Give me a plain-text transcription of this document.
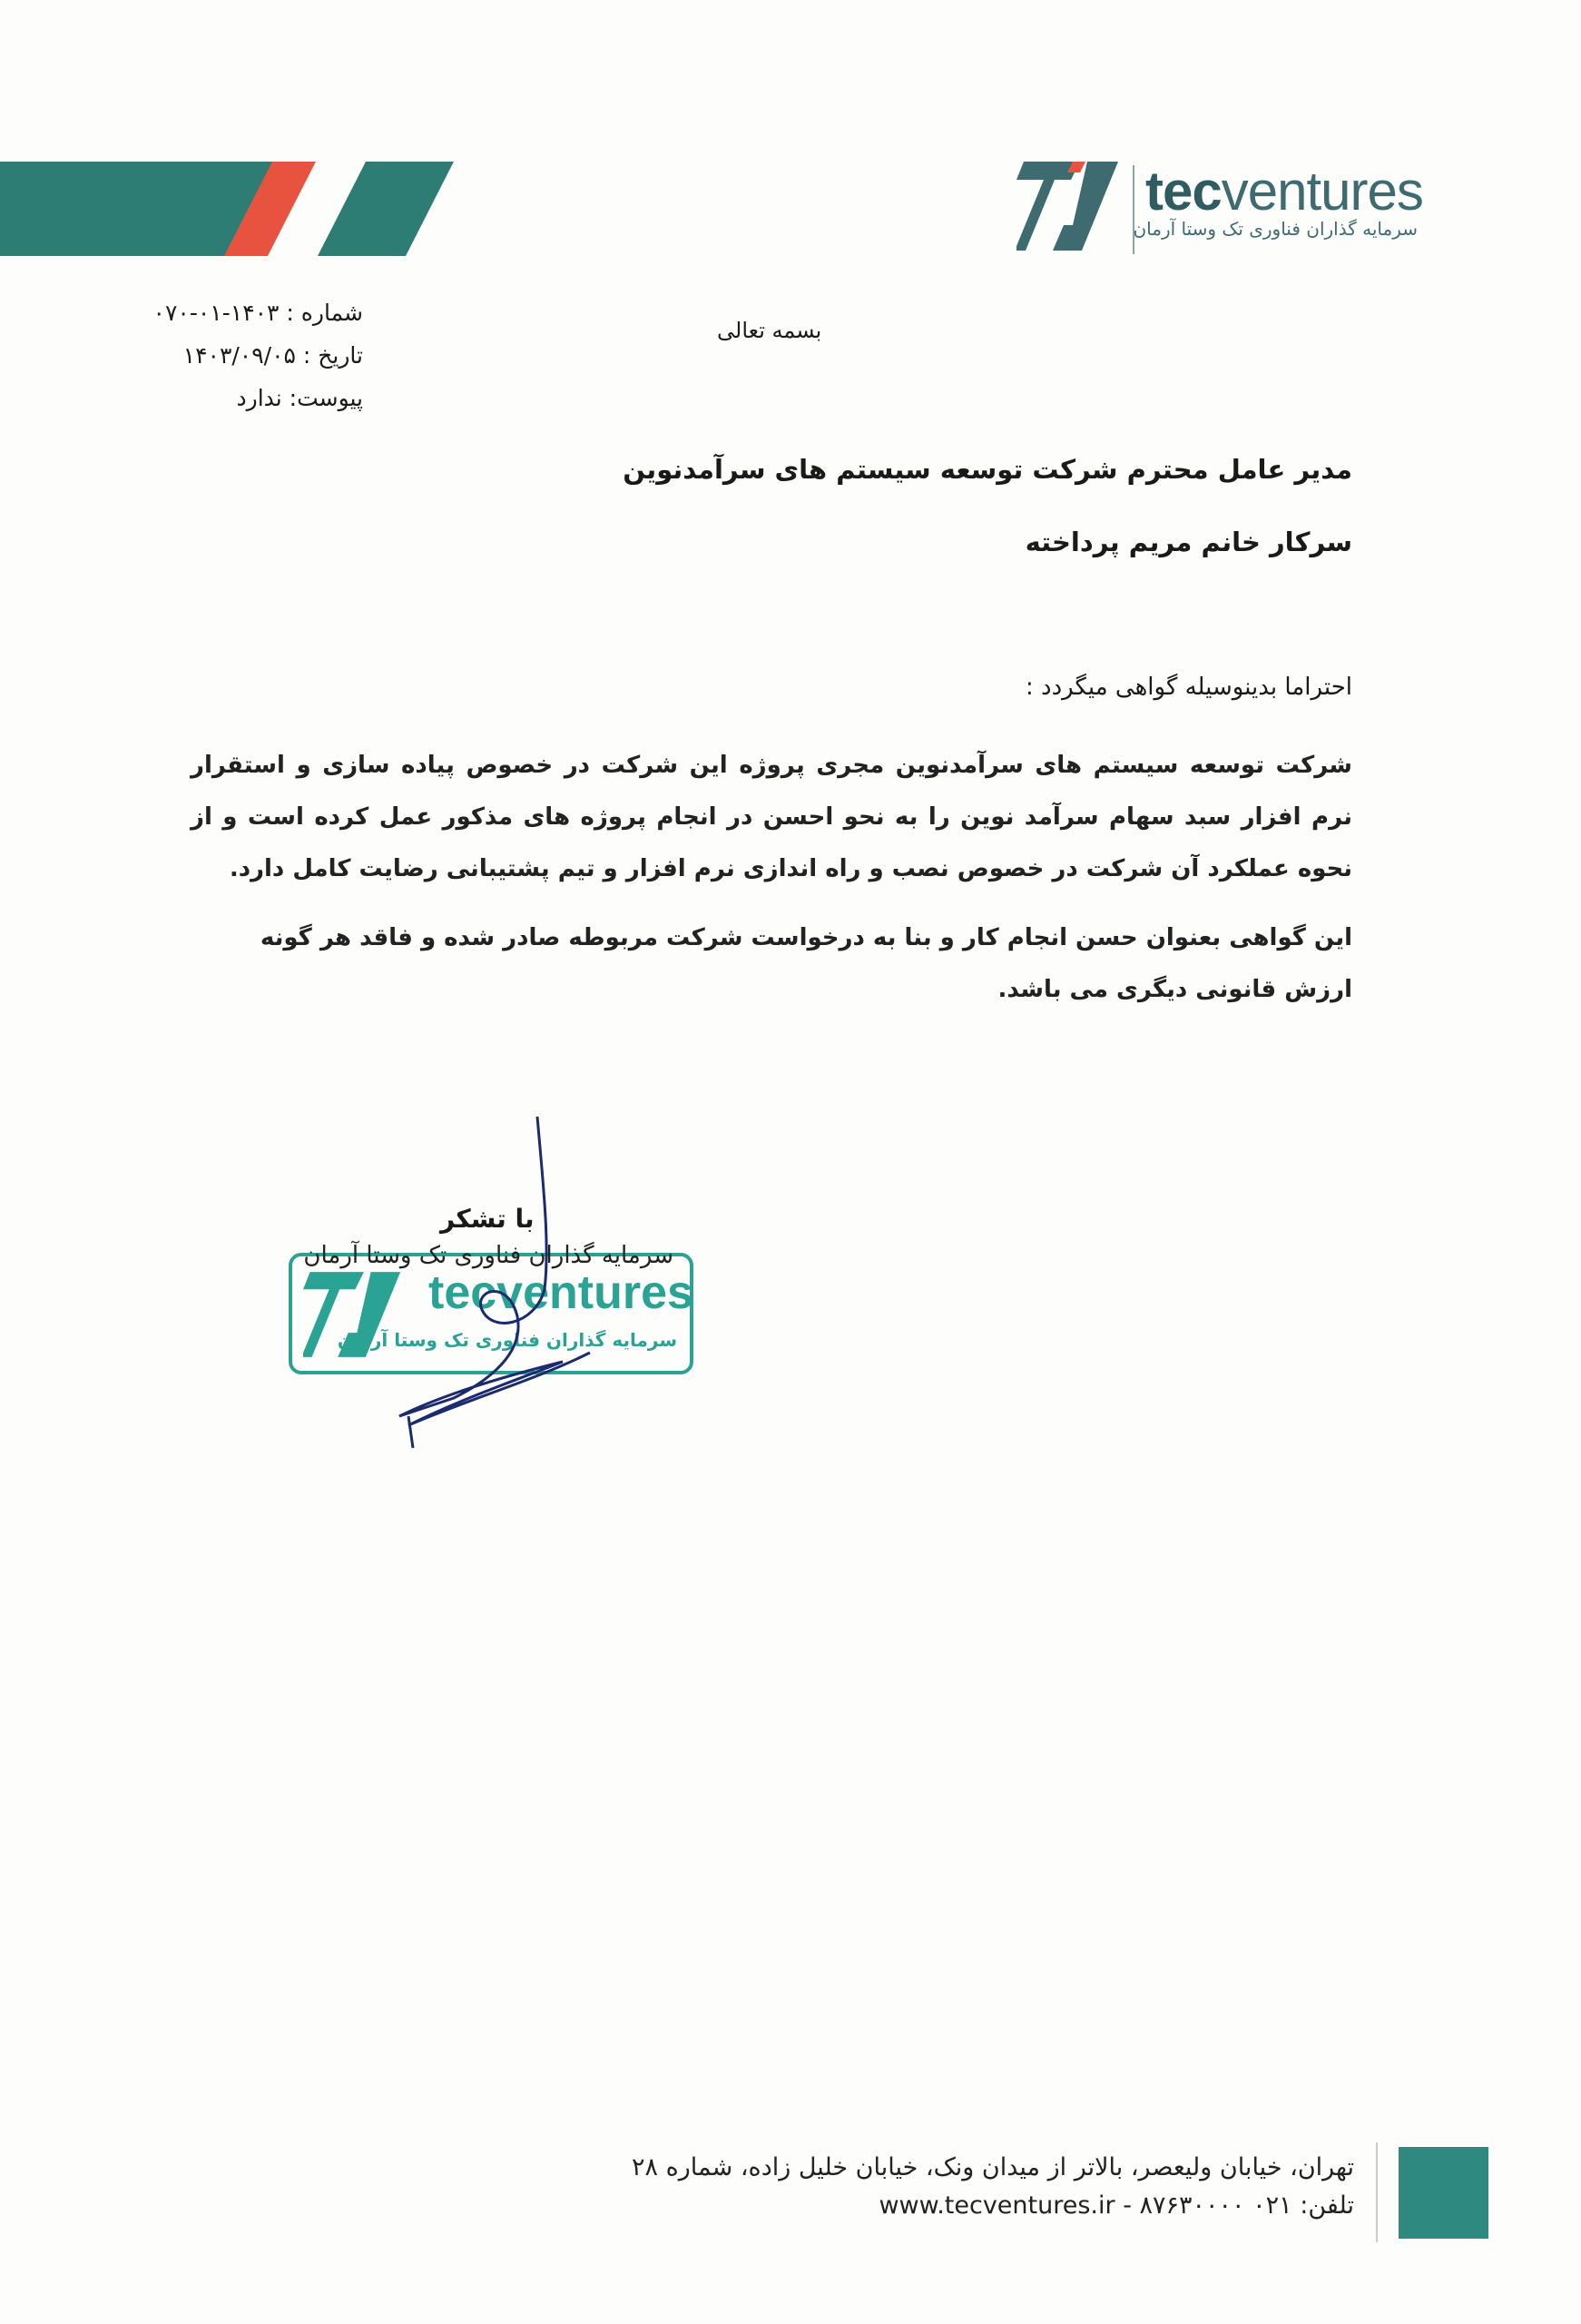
tecventures
سرمایه گذاران فناوری تک وستا آرمان
شماره : ۱۴۰۳-۰۱-۰۷۰
تاریخ : ۱۴۰۳/۰۹/۰۵
پیوست: ندارد
بسمه تعالی
مدیر عامل محترم شرکت توسعه سیستم های سرآمدنوین
سرکار خانم مریم پرداخته
احتراما بدینوسیله گواهی میگردد :
شرکت توسعه سیستم های سرآمدنوین مجری پروژه این شرکت در خصوص پیاده سازی و استقرار نرم افزار سبد سهام سرآمد نوین را به نحو احسن در انجام پروژه های مذکور عمل کرده است و از نحوه عملکرد آن شرکت در خصوص نصب و راه اندازی نرم افزار و تیم پشتیبانی رضایت کامل دارد.
این گواهی بعنوان حسن انجام کار و بنا به درخواست شرکت مربوطه صادر شده و فاقد هر گونه ارزش قانونی دیگری می باشد.
با تشکر
سرمایه گذاران فناوری تک وستا آرمان
tecventures
سرمایه گذاران فناوری تک وستا آرمان
تهران، خیابان ولیعصر، بالاتر از میدان ونک، خیابان خلیل زاده، شماره ۲۸
تلفن: ۰۲۱ ۸۷۶۳۰۰۰۰ - www.tecventures.ir
